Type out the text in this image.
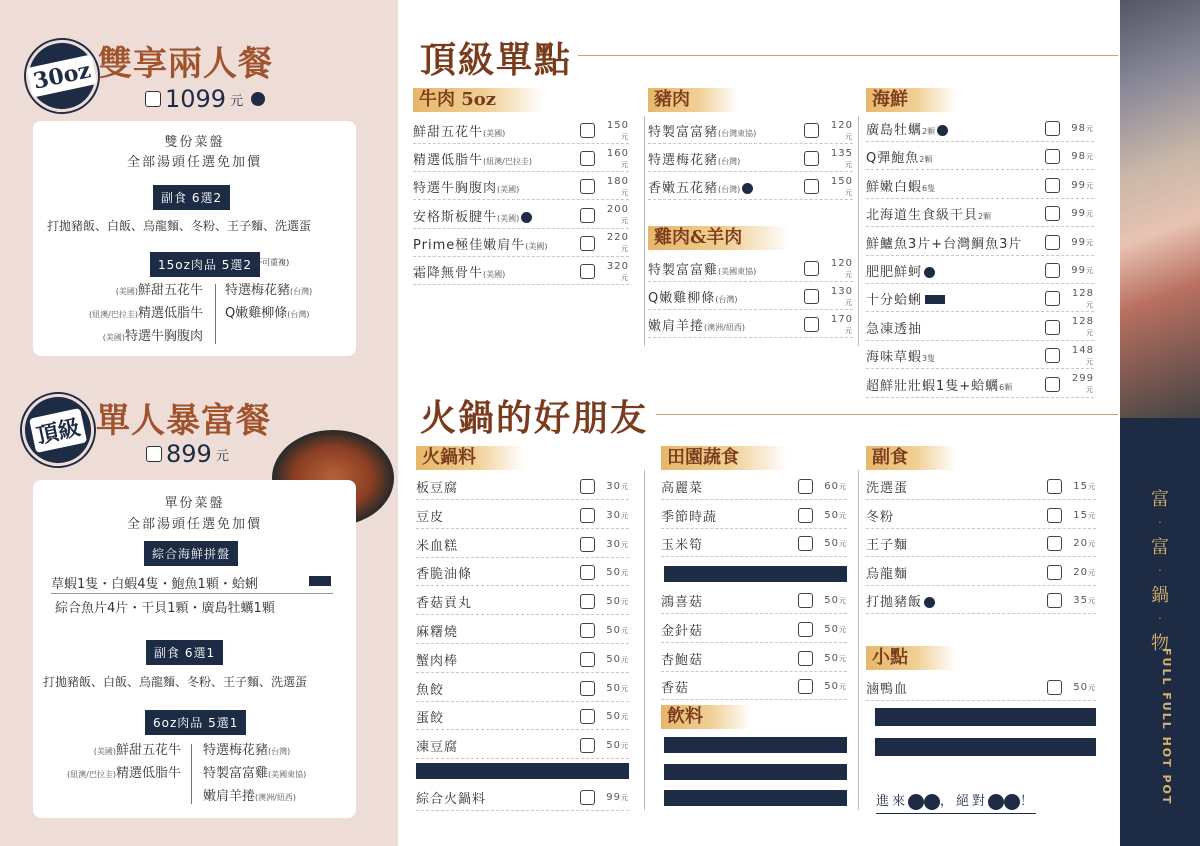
30oz 雙享兩人餐
1099 元
雙份菜盤
全部湯頭任選免加價
副食 6選2
打拋豬飯、白飯、烏龍麵、冬粉、王子麵、洗選蛋
15oz肉品 5選2 (不可重複)
(美國)鮮甜五花牛
(紐澳/巴拉圭)精選低脂牛
(美國)特選牛胸腹肉
特選梅花豬(台灣)
Q嫩雞柳條(台灣)
頂級 單人暴富餐
899 元
單份菜盤
全部湯頭任選免加價
綜合海鮮拼盤
草蝦1隻・白蝦4隻・鮑魚1顆・蛤蜊
綜合魚片4片・干貝1顆・廣島牡蠣1顆
副食 6選1
打拋豬飯、白飯、烏龍麵、冬粉、王子麵、洗選蛋
6oz肉品 5選1
(美國)鮮甜五花牛
(紐澳/巴拉圭)精選低脂牛
特選梅花豬(台灣)
特製富富雞(美國東協)
嫩肩羊捲(澳洲/紐西)
頂級單點
火鍋的好朋友
牛肉 5oz
鮮甜五花牛(美國)
150元
精選低脂牛(紐澳/巴拉圭)
160元
特選牛胸腹肉(美國)
180元
安格斯板腱牛(美國)
200元
Prime極佳嫩肩牛(美國)
220元
霜降無骨牛(美國)
320元
豬肉
特製富富豬(台灣東協)
120元
特選梅花豬(台灣)
135元
香嫩五花豬(台灣)
150元
雞肉&羊肉
特製富富雞(美國東協)
120元
Q嫩雞柳條(台灣)
130元
嫩肩羊捲(澳洲/紐西)
170元
海鮮
廣島牡蠣2顆	98元
Q彈鮑魚2顆	98元
鮮嫩白蝦6隻	99元
北海道生食級干貝2顆	99元
鮮鱸魚3片+台灣鯛魚3片	99元
肥肥鮮蚵	99元
十分蛤蜊	128元
急凍透抽	128元
海味草蝦3隻
148元
超鮮壯壯蝦1隻+蛤蠣6顆
299元
火鍋料
板豆腐	30元
豆皮	30元
米血糕	30元
香脆油條	50元
香菇貢丸	50元
麻糬燒	50元
蟹肉棒	50元
魚餃	50元
蛋餃	50元
凍豆腐	50元
綜合火鍋料	99元
田園蔬食
高麗菜	60元
季節時蔬	50元
玉米筍	50元
鴻喜菇	50元
金針菇	50元
杏鮑菇	50元
香菇	50元
飲料
副食
洗選蛋	15元
冬粉	15元
王子麵	20元
烏龍麵	20元
打拋豬飯	35元
小點
滷鴨血	50元
進來 ，絕對 ！
富
‧
富
‧
鍋
‧
物
FULL FULL HOT POT
